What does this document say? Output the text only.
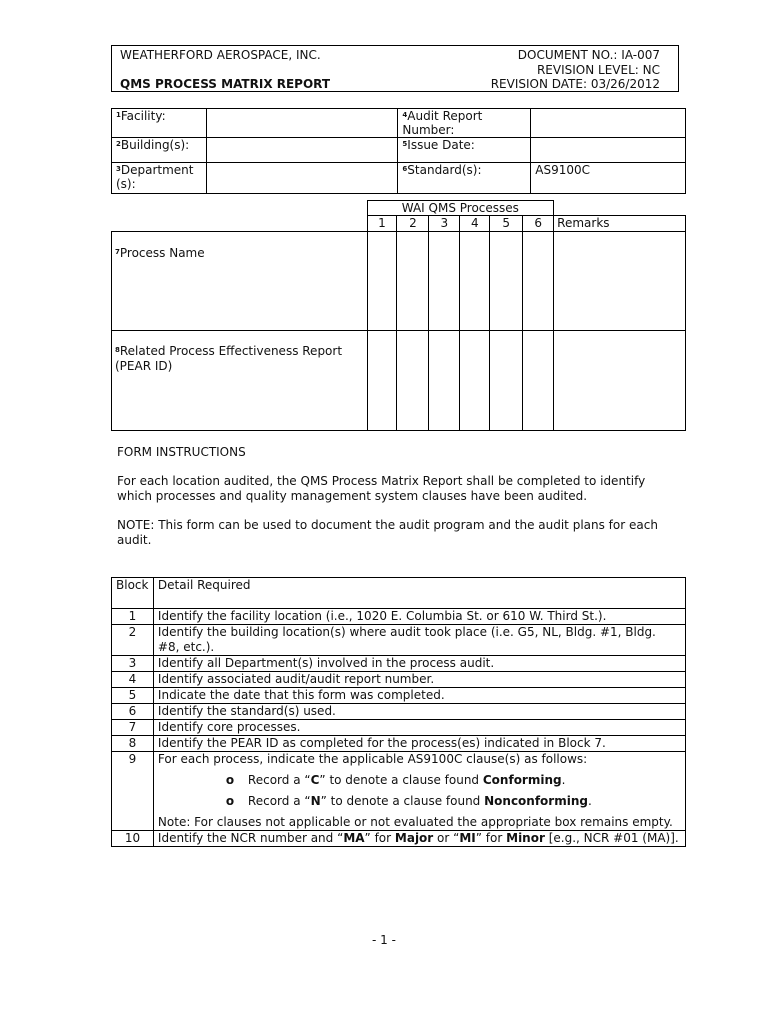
WEATHERFORD AEROSPACE, INC.
QMS PROCESS MATRIX REPORT
DOCUMENT NO.: IA-007
REVISION LEVEL: NC
REVISION DATE: 03/26/2012
$^1$Facility:		$^4$Audit Report Number:	
$^2$Building(s):		$^5$Issue Date:	
$^3$Department (s):		$^6$Standard(s):	AS9100C
	WAI QMS Processes						
	1	2	3	4	5	6	Remarks
$^7$Process Name							
$^8$Related Process Effectiveness Report (PEAR ID)							

FORM INSTRUCTIONS

For each location audited, the QMS Process Matrix Report shall be completed to identify which processes and quality management system clauses have been audited.

NOTE: This form can be used to document the audit program and the audit plans for each audit.

Block	Detail Required
1	Identify the facility location (i.e., 1020 E. Columbia St. or 610 W. Third St.).
2	Identify the building location(s) where audit took place (i.e. G5, NL, Bldg. #1, Bldg. #8, etc.).
3	Identify all Department(s) involved in the process audit.
4	Identify associated audit/audit report number.
5	Indicate the date that this form was completed.
6	Identify the standard(s) used.
7	Identify core processes.
8	Identify the PEAR ID as completed for the process(es) indicated in Block 7.
9	For each process, indicate the applicable AS9100C clause(s) as follows:
o Record a “C” to denote a clause found Conforming.
o Record a “N” to denote a clause found Nonconforming.
Note: For clauses not applicable or not evaluated the appropriate box remains empty.

10	Identify the NCR number and “MA” for Major or “MI” for Minor [e.g., NCR #01 (MA)].
- 1 -
